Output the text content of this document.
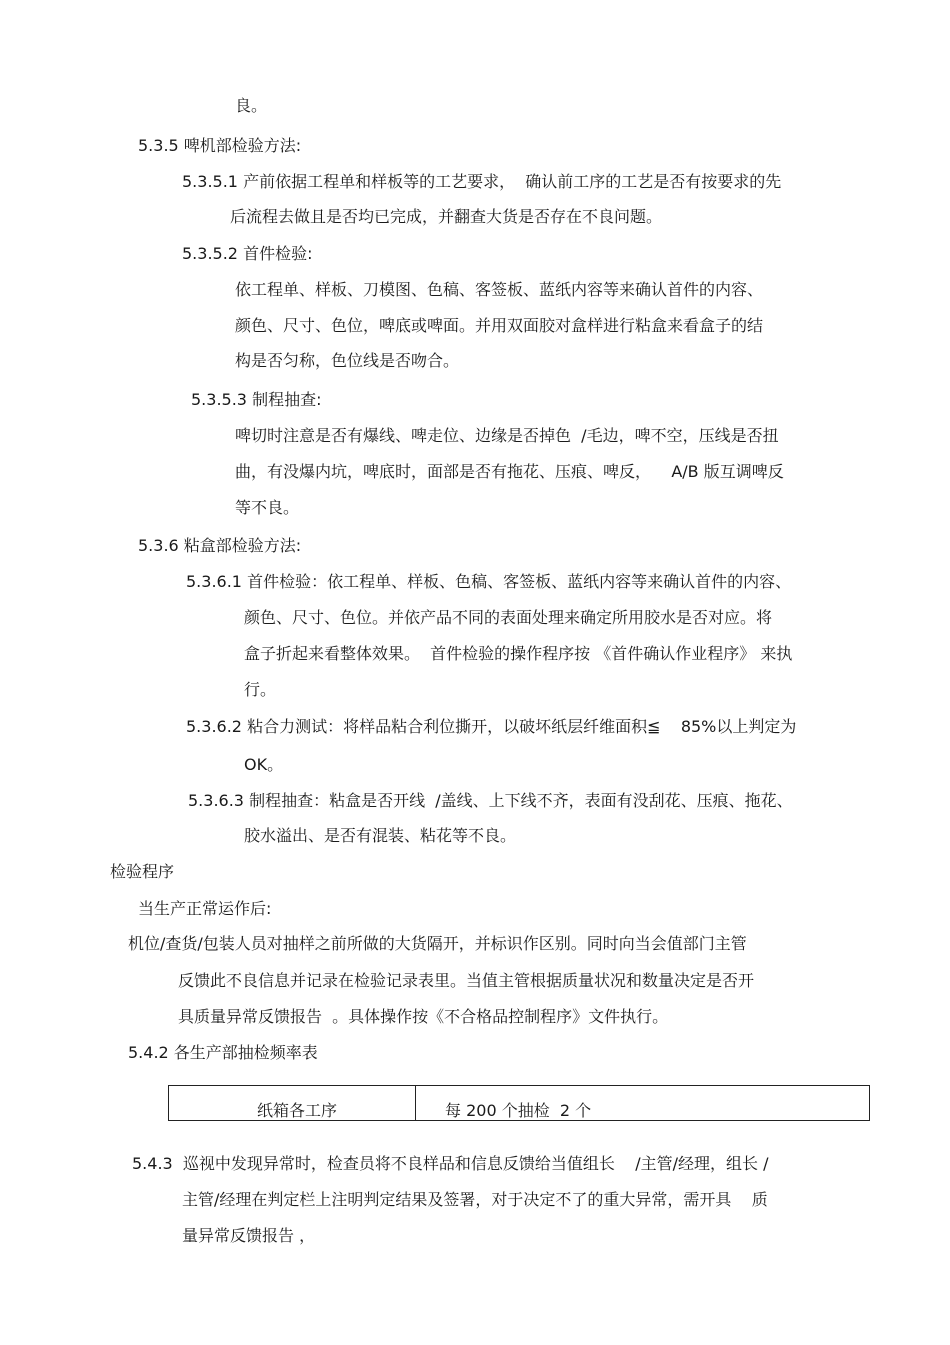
良。
5.3.5 啤机部检验方法:
5.3.5.1 产前依据工程单和样板等的工艺要求，  确认前工序的工艺是否有按要求的先
后流程去做且是否均已完成，并翻查大货是否存在不良问题。
5.3.5.2 首件检验:
依工程单、样板、刀模图、色稿、客签板、蓝纸内容等来确认首件的内容、
颜色、尺寸、色位，啤底或啤面。并用双面胶对盒样进行粘盒来看盒子的结
构是否匀称，色位线是否吻合。
5.3.5.3 制程抽查:
啤切时注意是否有爆线、啤走位、边缘是否掉色  /毛边，啤不空，压线是否扭
曲，有没爆内坑，啤底时，面部是否有拖花、压痕、啤反，    A/B 版互调啤反
等不良。
5.3.6 粘盒部检验方法:
5.3.6.1 首件检验：依工程单、样板、色稿、客签板、蓝纸内容等来确认首件的内容、
颜色、尺寸、色位。并依产品不同的表面处理来确定所用胶水是否对应。将
盒子折起来看整体效果。  首件检验的操作程序按 《首件确认作业程序》 来执
行。
5.3.6.2 粘合力测试：将样品粘合利位撕开，以破坏纸层纤维面积≦    85%以上判定为
OK。
5.3.6.3 制程抽查：粘盒是否开线  /盖线、上下线不齐，表面有没刮花、压痕、拖花、
胶水溢出、是否有混装、粘花等不良。
检验程序
当生产正常运作后:
机位/查货/包装人员对抽样之前所做的大货隔开，并标识作区别。同时向当会值部门主管
反馈此不良信息并记录在检验记录表里。当值主管根据质量状况和数量决定是否开
具质量异常反馈报告  。具体操作按《不合格品控制程序》文件执行。
5.4.2 各生产部抽检频率表
纸箱各工序	每 200 个抽检  2 个
5.4.3  巡视中发现异常时，检查员将不良样品和信息反馈给当值组长    /主管/经理，组长 /
主管/经理在判定栏上注明判定结果及签署，对于决定不了的重大异常，需开具    质
量异常反馈报告 ，
